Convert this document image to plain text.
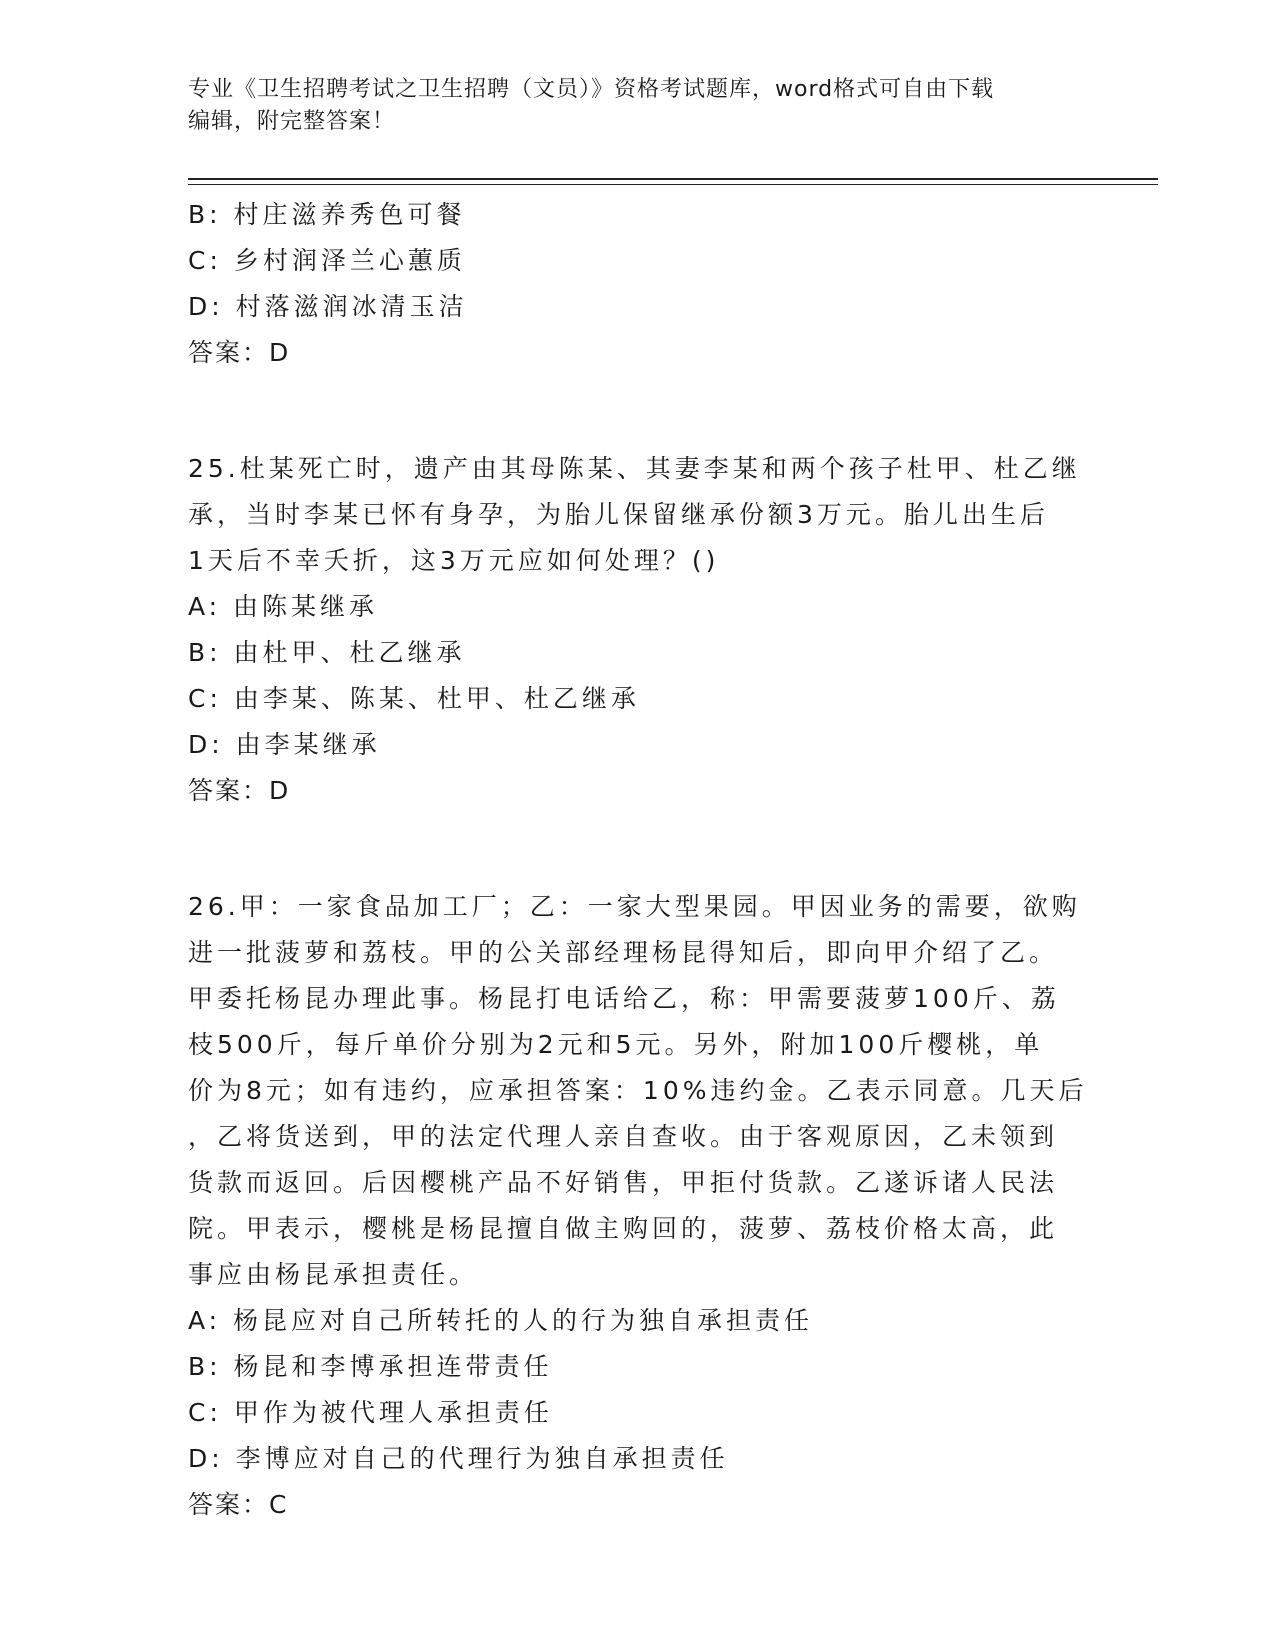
专业《卫生招聘考试之卫生招聘（文员）》资格考试题库，word格式可自由下载
编辑，附完整答案！
B: 村庄滋养秀色可餐
C: 乡村润泽兰心蕙质
D: 村落滋润冰清玉洁
答案：D
25.杜某死亡时，遗产由其母陈某、其妻李某和两个孩子杜甲、杜乙继
承，当时李某已怀有身孕，为胎儿保留继承份额3万元。胎儿出生后
1天后不幸夭折，这3万元应如何处理？()
A: 由陈某继承
B: 由杜甲、杜乙继承
C: 由李某、陈某、杜甲、杜乙继承
D: 由李某继承
答案：D
26.甲：一家食品加工厂；乙：一家大型果园。甲因业务的需要，欲购
进一批菠萝和荔枝。甲的公关部经理杨昆得知后，即向甲介绍了乙。
甲委托杨昆办理此事。杨昆打电话给乙，称：甲需要菠萝100斤、荔
枝500斤，每斤单价分别为2元和5元。另外，附加100斤樱桃，单
价为8元；如有违约，应承担答案：10%违约金。乙表示同意。几天后
，乙将货送到，甲的法定代理人亲自查收。由于客观原因，乙未领到
货款而返回。后因樱桃产品不好销售，甲拒付货款。乙遂诉诸人民法
院。甲表示，樱桃是杨昆擅自做主购回的，菠萝、荔枝价格太高，此
事应由杨昆承担责任。
A: 杨昆应对自己所转托的人的行为独自承担责任
B: 杨昆和李博承担连带责任
C: 甲作为被代理人承担责任
D: 李博应对自己的代理行为独自承担责任
答案：C
